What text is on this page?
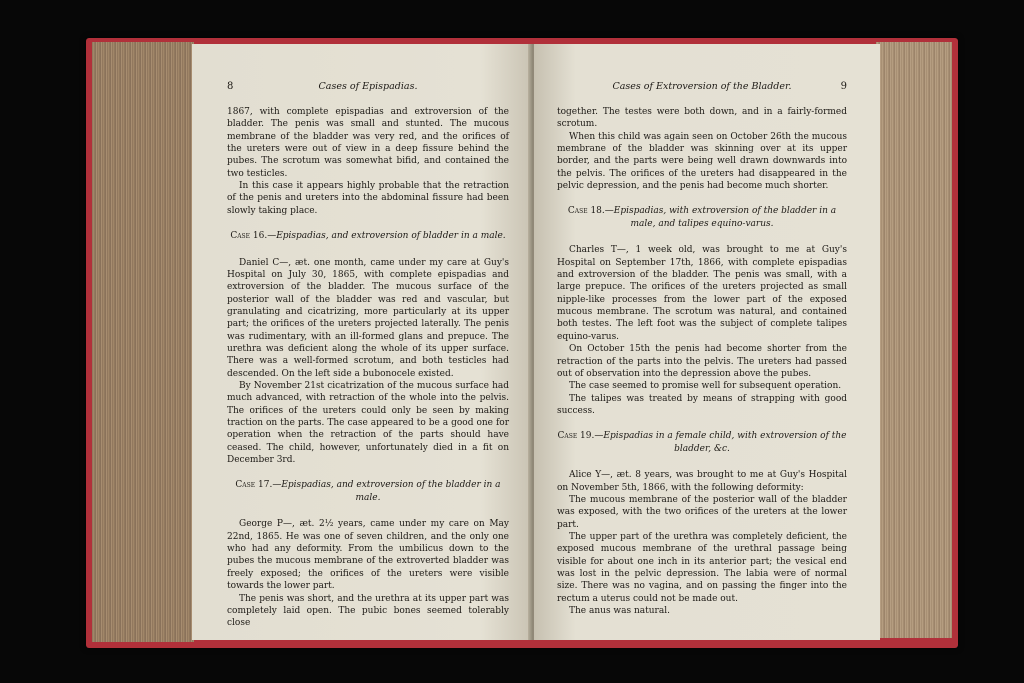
8	Cases of Epispadias.

1867, with complete epispadias and extroversion of the bladder. The penis was small and stunted. The mucous membrane of the bladder was very red, and the orifices of the ureters were out of view in a deep fissure behind the pubes. The scrotum was somewhat bifid, and contained the two testicles.

In this case it appears highly probable that the retraction of the penis and ureters into the abdominal fissure had been slowly taking place.

Case 16.—Epispadias, and extroversion of bladder in a male.

Daniel C—, æt. one month, came under my care at Guy's Hospital on July 30, 1865, with complete epispadias and extroversion of the bladder. The mucous surface of the posterior wall of the bladder was red and vascular, but granulating and cicatrizing, more particularly at its upper part; the orifices of the ureters projected laterally. The penis was rudimentary, with an ill-formed glans and prepuce. The urethra was deficient along the whole of its upper surface. There was a well-formed scrotum, and both testicles had descended. On the left side a bubonocele existed.

By November 21st cicatrization of the mucous surface had much advanced, with retraction of the whole into the pelvis. The orifices of the ureters could only be seen by making traction on the parts. The case appeared to be a good one for operation when the retraction of the parts should have ceased. The child, however, unfortunately died in a fit on December 3rd.

Case 17.—Epispadias, and extroversion of the bladder in a male.

George P—, æt. 2½ years, came under my care on May 22nd, 1865. He was one of seven children, and the only one who had any deformity. From the umbilicus down to the pubes the mucous membrane of the extroverted bladder was freely exposed; the orifices of the ureters were visible towards the lower part.

The penis was short, and the urethra at its upper part was completely laid open. The pubic bones seemed tolerably close

Cases of Extroversion of the Bladder.	9

together. The testes were both down, and in a fairly-formed scrotum.

When this child was again seen on October 26th the mucous membrane of the bladder was skinning over at its upper border, and the parts were being well drawn downwards into the pelvis. The orifices of the ureters had disappeared in the pelvic depression, and the penis had become much shorter.

Case 18.—Epispadias, with extroversion of the bladder in a male, and talipes equino-varus.

Charles T—, 1 week old, was brought to me at Guy's Hospital on September 17th, 1866, with complete epispadias and extroversion of the bladder. The penis was small, with a large prepuce. The orifices of the ureters projected as small nipple-like processes from the lower part of the exposed mucous membrane. The scrotum was natural, and contained both testes. The left foot was the subject of complete talipes equino-varus.

On October 15th the penis had become shorter from the retraction of the parts into the pelvis. The ureters had passed out of observation into the depression above the pubes.

The case seemed to promise well for subsequent operation.

The talipes was treated by means of strapping with good success.

Case 19.—Epispadias in a female child, with extroversion of the bladder, &c.

Alice Y—, æt. 8 years, was brought to me at Guy's Hospital on November 5th, 1866, with the following deformity:

The mucous membrane of the posterior wall of the bladder was exposed, with the two orifices of the ureters at the lower part.

The upper part of the urethra was completely deficient, the exposed mucous membrane of the urethral passage being visible for about one inch in its anterior part; the vesical end was lost in the pelvic depression. The labia were of normal size. There was no vagina, and on passing the finger into the rectum a uterus could not be made out.

The anus was natural.
